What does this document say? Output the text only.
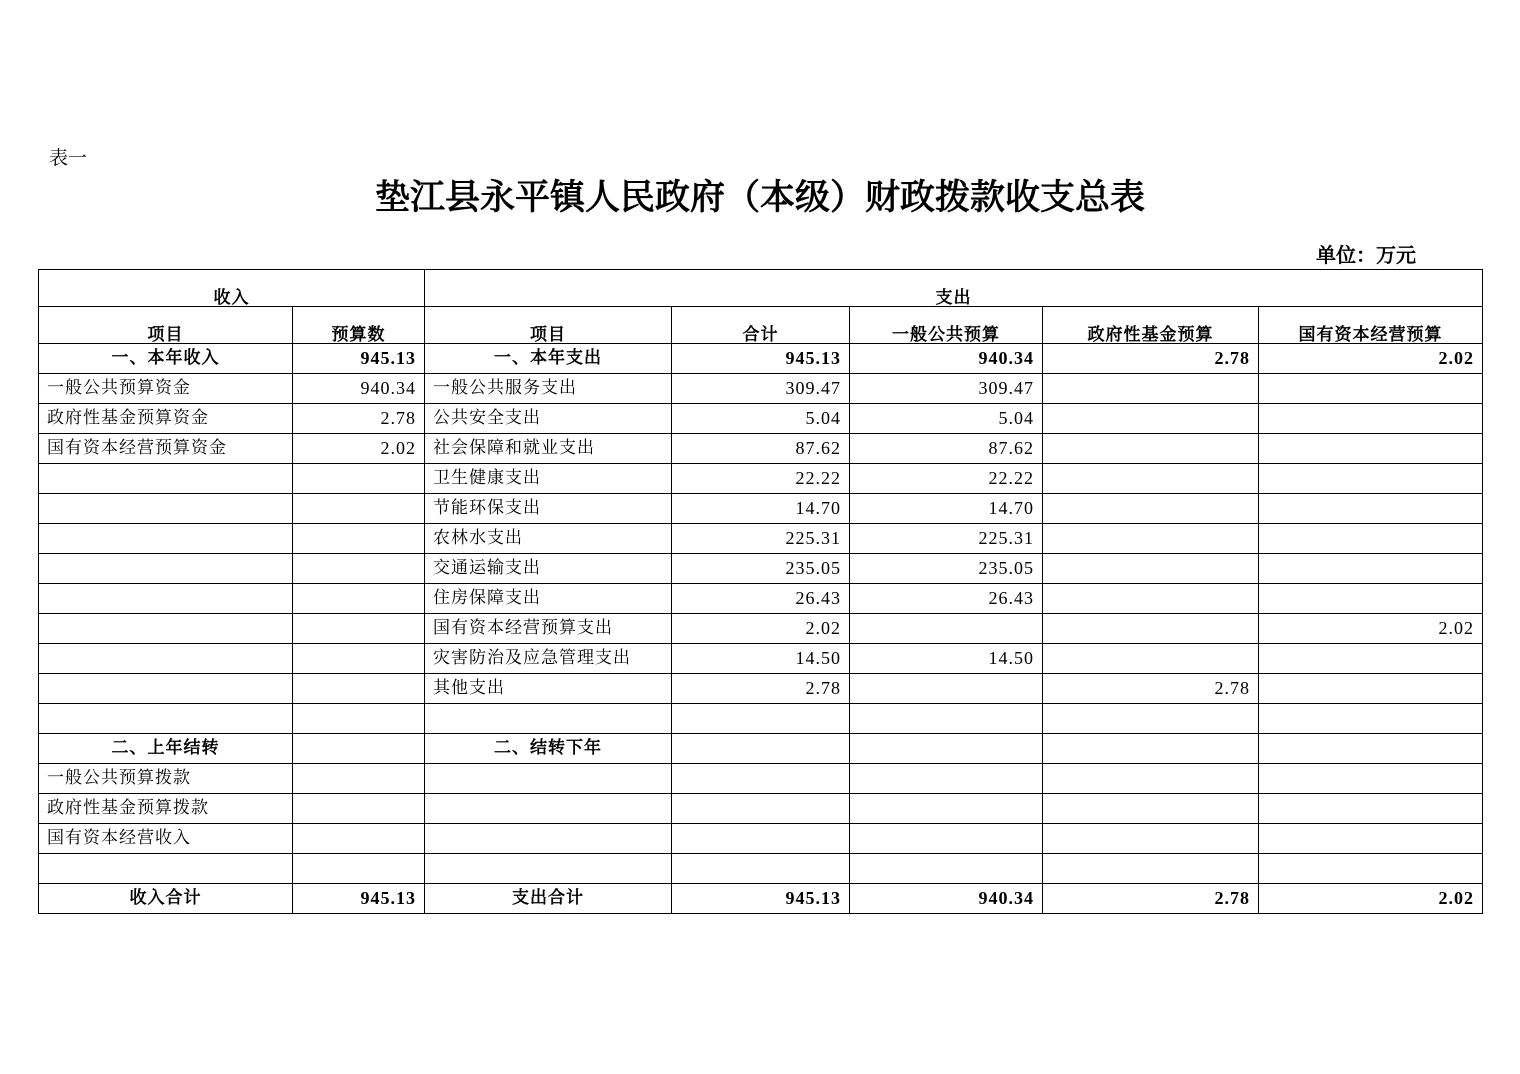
表一
垫江县永平镇人民政府（本级）财政拨款收支总表
单位：万元
收入		支出				
项目	预算数	项目	合计	一般公共预算	政府性基金预算	国有资本经营预算
一、本年收入	945.13	一、本年支出	945.13	940.34	2.78	2.02
一般公共预算资金	940.34	一般公共服务支出	309.47	309.47		
政府性基金预算资金	2.78	公共安全支出	5.04	5.04		
国有资本经营预算资金	2.02	社会保障和就业支出	87.62	87.62		
		卫生健康支出	22.22	22.22		
		节能环保支出	14.70	14.70		
		农林水支出	225.31	225.31		
		交通运输支出	235.05	235.05		
		住房保障支出	26.43	26.43		
		国有资本经营预算支出	2.02			2.02
		灾害防治及应急管理支出	14.50	14.50		
		其他支出	2.78		2.78	

二、上年结转		二、结转下年				
一般公共预算拨款						
政府性基金预算拨款						
国有资本经营收入						

收入合计	945.13	支出合计	945.13	940.34	2.78	2.02
